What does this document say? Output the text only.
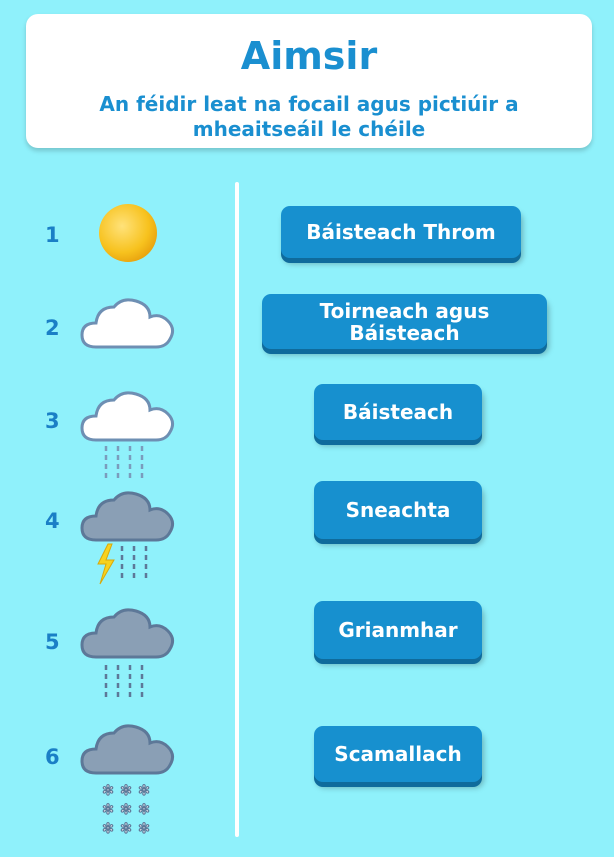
Aimsir
An féidir leat na focail agus pictiúir a mheaitseáil le chéile
1
2
3
4
5
6
✻ ✻ ✻
✻ ✻ ✻
✻ ✻ ✻
Báisteach Throm
Toirneach agus Báisteach
Báisteach
Sneachta
Grianmhar
Scamallach
